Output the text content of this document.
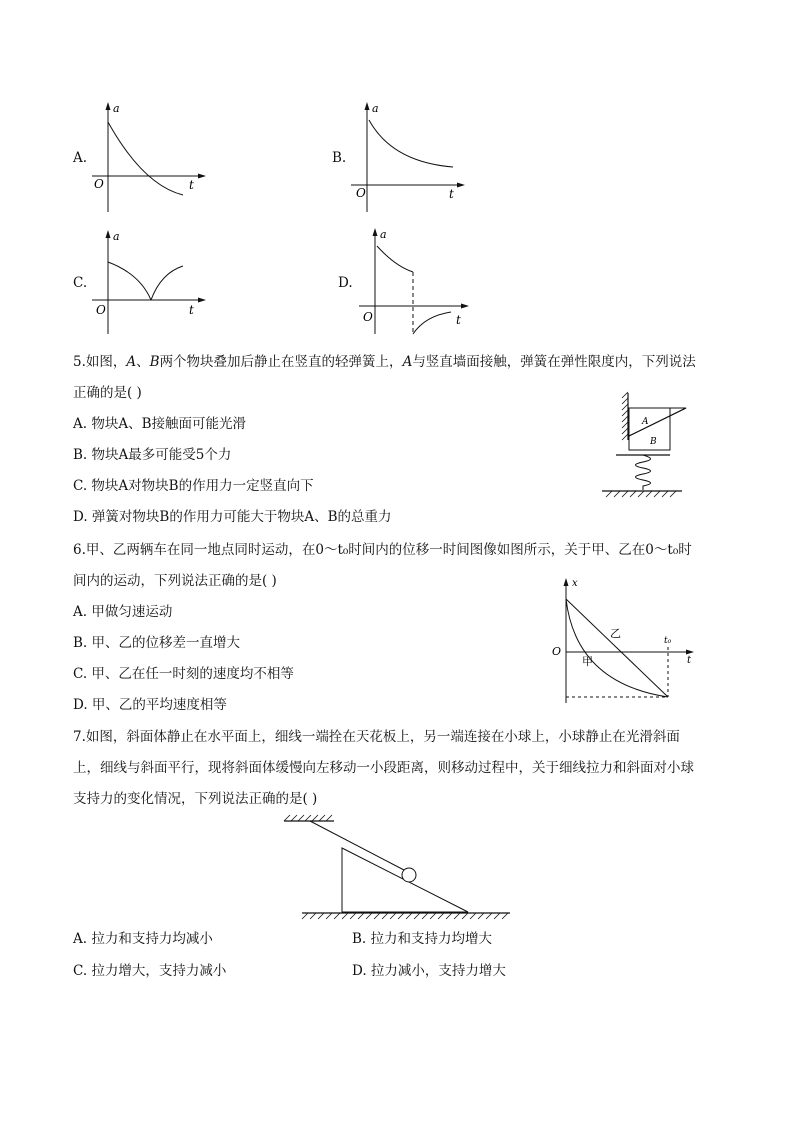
A.
a
O	t
B.
a
O	t
C.
a
O	t
D.
a
O	t
5.如图，A、B两个物块叠加后静止在竖直的轻弹簧上，A与竖直墙面接触，弹簧在弹性限度内，下列说法
正确的是( )
A. 物块A、B接触面可能光滑
B. 物块A最多可能受5个力
C. 物块A对物块B的作用力一定竖直向下
D. 弹簧对物块B的作用力可能大于物块A、B的总重力
A
B
6.甲、乙两辆车在同一地点同时运动，在0～t₀时间内的位移一时间图像如图所示，关于甲、乙在0～t₀时
间内的运动，下列说法正确的是( )
A. 甲做匀速运动
B. 甲、乙的位移差一直增大
C. 甲、乙在任一时刻的速度均不相等
D. 甲、乙的平均速度相等
x
O
t
t₀
乙
甲
7.如图，斜面体静止在水平面上，细线一端拴在天花板上，另一端连接在小球上，小球静止在光滑斜面
上，细线与斜面平行，现将斜面体缓慢向左移动一小段距离，则移动过程中，关于细线拉力和斜面对小球
支持力的变化情况，下列说法正确的是( )
A. 拉力和支持力均减小	B. 拉力和支持力均增大
C. 拉力增大，支持力减小	D. 拉力减小，支持力增大
